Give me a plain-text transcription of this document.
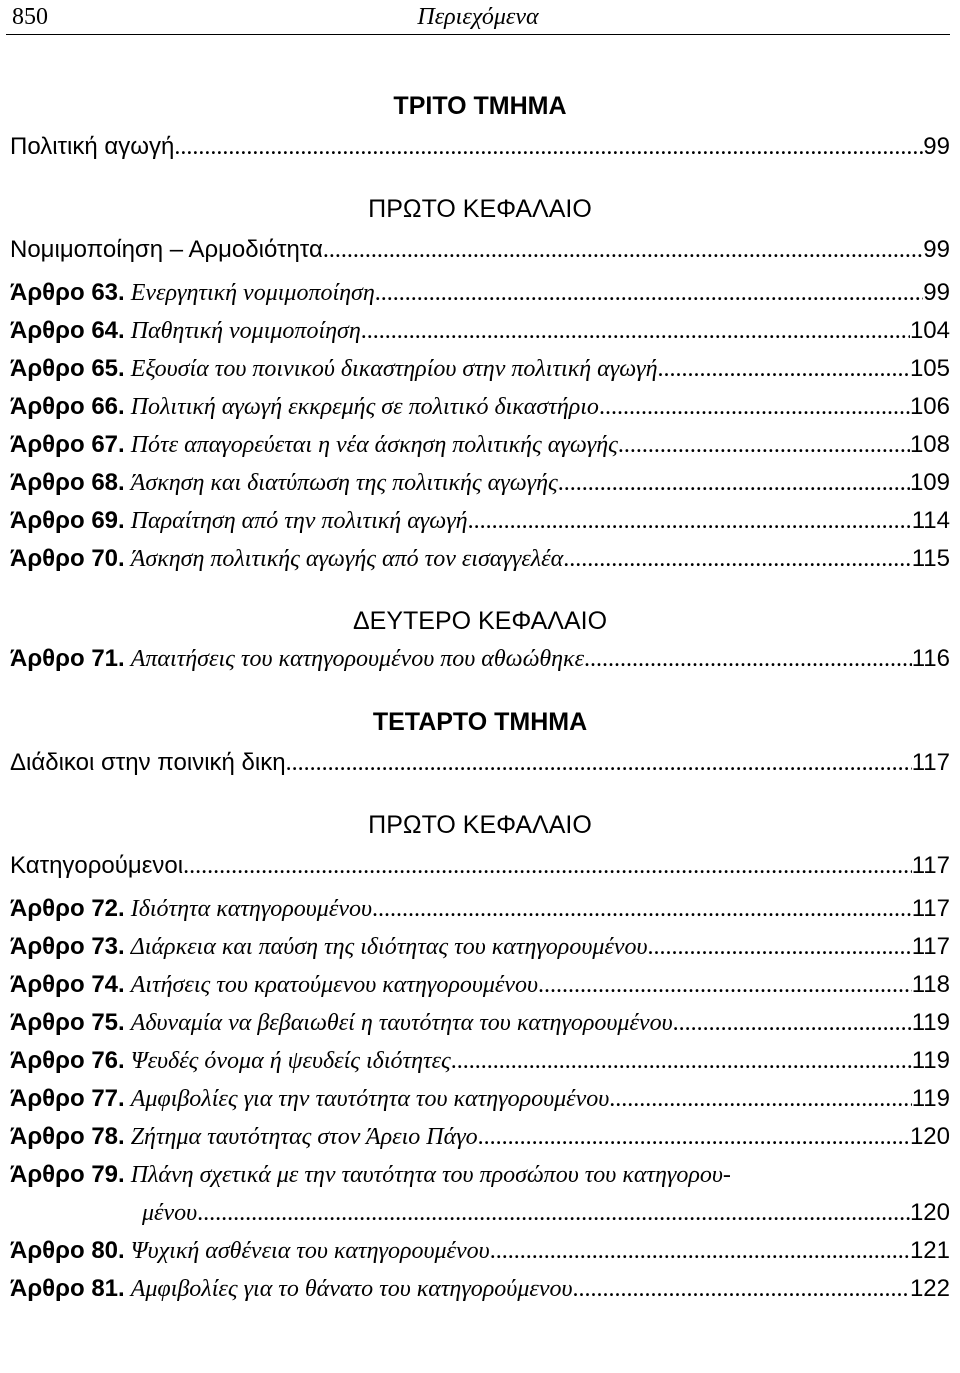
850	Περιεχόμενα
ΤΡΙΤΟ ΤΜΗΜΑ
Πολιτική αγωγή .....	99
ΠΡΩΤΟ ΚΕΦΑΛΑΙΟ
Νομιμοποίηση – Αρμοδιότητα .....	99
Άρθρο 63. Ενεργητική νομιμοποίηση .....	99
Άρθρο 64. Παθητική νομιμοποίηση .....	104
Άρθρο 65. Εξουσία του ποινικού δικαστηρίου στην πολιτική αγωγή .....	105
Άρθρο 66. Πολιτική αγωγή εκκρεμής σε πολιτικό δικαστήριο .....	106
Άρθρο 67. Πότε απαγορεύεται η νέα άσκηση πολιτικής αγωγής .....	108
Άρθρο 68. Άσκηση και διατύπωση της πολιτικής αγωγής .....	109
Άρθρο 69. Παραίτηση από την πολιτική αγωγή .....	114
Άρθρο 70. Άσκηση πολιτικής αγωγής από τον εισαγγελέα .....	115
ΔΕΥΤΕΡΟ ΚΕΦΑΛΑΙΟ
Άρθρο 71. Απαιτήσεις του κατηγορουμένου που αθωώθηκε .....	116
ΤΕΤΑΡΤΟ ΤΜΗΜΑ
Διάδικοι στην ποινική δικη .....	117
ΠΡΩΤΟ ΚΕΦΑΛΑΙΟ
Κατηγορούμενοι .....	117
Άρθρο 72. Ιδιότητα κατηγορουμένου .....	117
Άρθρο 73. Διάρκεια και παύση της ιδιότητας του κατηγορουμένου .....	117
Άρθρο 74. Αιτήσεις του κρατούμενου κατηγορουμένου .....	118
Άρθρο 75. Αδυναμία να βεβαιωθεί η ταυτότητα του κατηγορουμένου .....	119
Άρθρο 76. Ψευδές όνομα ή ψευδείς ιδιότητες .....	119
Άρθρο 77. Αμφιβολίες για την ταυτότητα του κατηγορουμένου .....	119
Άρθρο 78. Ζήτημα ταυτότητας στον Άρειο Πάγο .....	120
Άρθρο 79. Πλάνη σχετικά με την ταυτότητα του προσώπου του κατηγορου-
μένου .....	120
Άρθρο 80. Ψυχική ασθένεια του κατηγορουμένου .....	121
Άρθρο 81. Αμφιβολίες για το θάνατο του κατηγορούμενου .....	122
